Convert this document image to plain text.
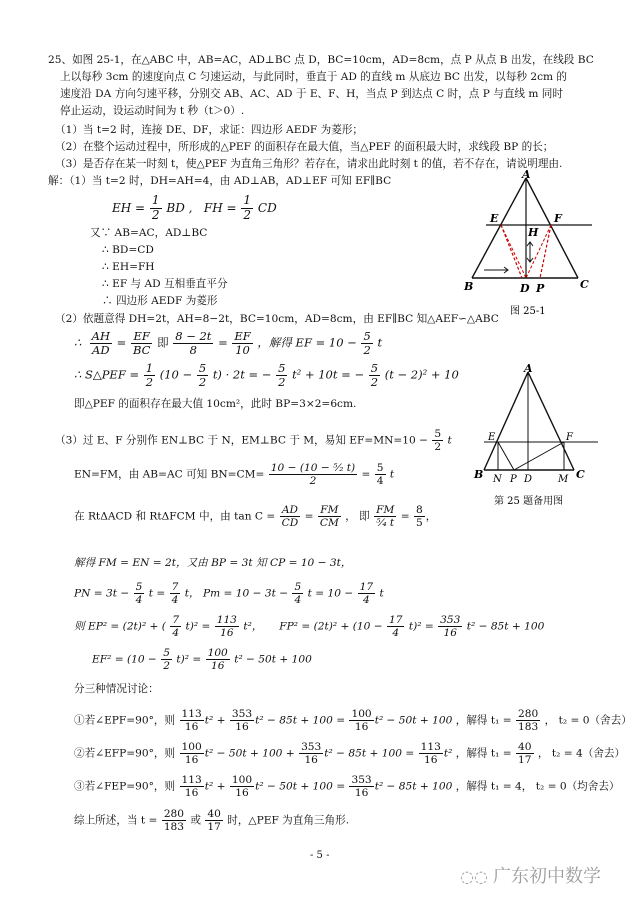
25、如图 25-1，在△ABC 中，AB=AC，AD⊥BC 点 D，BC=10cm，AD=8cm，点 P 从点 B 出发，在线段 BC
上以每秒 3cm 的速度向点 C 匀速运动，与此同时，垂直于 AD 的直线 m 从底边 BC 出发，以每秒 2cm 的
速度沿 DA 方向匀速平移，分别交 AB、AC、AD 于 E、F、H，当点 P 到达点 C 时，点 P 与直线 m 同时
停止运动，设运动时间为 t 秒（t＞0）.
（1）当 t=2 时，连接 DE、DF，求证：四边形 AEDF 为菱形；
（2）在整个运动过程中，所形成的△PEF 的面积存在最大值，当△PEF 的面积最大时，求线段 BP 的长；
（3）是否存在某一时刻 t，使△PEF 为直角三角形？若存在，请求出此时刻 t 的值，若不存在，请说明理由.
解：（1）当 t=2 时，DH=AH=4，由 AD⊥AB，AD⊥EF 可知 EF∥BC
EH = $\frac{1}{2}$ BD , FH = $\frac{1}{2}$ CD
又∵ AB=AC，AD⊥BC
∴ BD=CD
∴ EH=FH
∴ EF 与 AD 互相垂直平分
∴ 四边形 AEDF 为菱形
A
E	F
H
B	D P	C
图 25-1
（2）依题意得 DH=2t，AH=8−2t，BC=10cm，AD=8cm，由 EF∥BC 知△AEF∽△ABC
∴ $\frac{AH}{AD} = \frac{EF}{BC}$ 即 $\frac{8 - 2t}{8} = \frac{EF}{10}$ ，解得 EF = $10 - \frac{5}{2}$ t
∴ S△PEF = $\frac{1}{2} (10 - \frac{5}{2} t) \cdot 2t$ = − $\frac{5}{2} t^2 + 10t$ = − $\frac{5}{2} (t - 2)^2 + 10$
即△PEF 的面积存在最大值 10cm²，此时 BP=3×2=6cm.
A
E	F
B N P D	M C
第 25 题备用图
（3）过 E、F 分别作 EN⊥BC 于 N，EM⊥BC 于 M，易知 $EF=MN=10 - \frac{5}{2}$ t
EN=FM，由 AB=AC 可知 $BN=CM= \frac{\text{10 − (10 − ⁵⁄₂ t)}}{2} = \frac{5}{4}$ t
在 RtΔACD 和 RtΔFCM 中，由 $\tan C = \frac{AD}{CD} = \frac{FM}{CM}$ ， 即 $\frac{FM}{\text{⁵⁄₄ t}} = \frac{8}{5}$ ，
解得 FM = EN = 2t，又由 BP = 3t 知 CP = 10 − 3t，
PN = $3t - \frac{5}{4}$ $t = \frac{7}{4}$ t， $Pm = 10 - 3t - \frac{5}{4}$ $t = 10 - \frac{17}{4}$ t
则 EP² = (2t)² + ( $\frac{7}{4} t)^2 = \frac{113}{16} t^2$， $FP^2 = (2t)^2 + (10 - \frac{17}{4} t)^2 = \frac{353}{16} t^2 - 85t + 100$
$EF^2 = (10 - \frac{5}{2} t)^2 = \frac{100}{16} t^2 - 50t + 100$
分三种情况讨论：
①若∠EPF=90°，则 $\frac{113}{16} t^2 + \frac{353}{16} t^2 - 85t + 100 = \frac{100}{16} t^2 - 50t + 100$ ，解得 $t_1 = \frac{280}{183}$ ， t₂ = 0（舍去）
②若∠EFP=90°，则 $\frac{100}{16} t^2 - 50t + 100 + \frac{353}{16} t^2 - 85t + 100 = \frac{113}{16} t^2$ ，解得 $t_1 = \frac{40}{17}$ ， t₂ = 4（舍去）
③若∠FEP=90°，则 $\frac{113}{16} t^2 + \frac{100}{16} t^2 - 50t + 100 = \frac{353}{16} t^2 - 85t + 100$ ，解得 t₁ = 4， t₂ = 0（均舍去）
综上所述，当 $t = \frac{280}{183}$ 或 $\frac{40}{17}$ 时，△PEF 为直角三角形.
- 5 -
◌◌ 广东初中数学
